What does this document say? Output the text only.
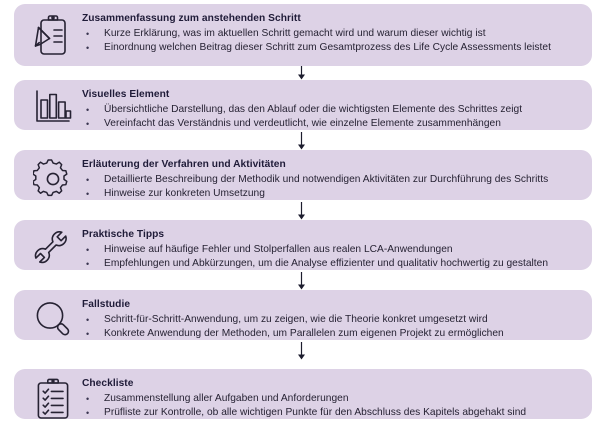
Zusammenfassung zum anstehenden Schritt
• Kurze Erklärung, was im aktuellen Schritt gemacht wird und warum dieser wichtig ist
• Einordnung welchen Beitrag dieser Schritt zum Gesamtprozess des Life Cycle Assessments leistet
Visuelles Element
• Übersichtliche Darstellung, das den Ablauf oder die wichtigsten Elemente des Schrittes zeigt
• Vereinfacht das Verständnis und verdeutlicht, wie einzelne Elemente zusammenhängen
Erläuterung der Verfahren und Aktivitäten
• Detaillierte Beschreibung der Methodik und notwendigen Aktivitäten zur Durchführung des Schritts
• Hinweise zur konkreten Umsetzung
Praktische Tipps
• Hinweise auf häufige Fehler und Stolperfallen aus realen LCA-Anwendungen
• Empfehlungen und Abkürzungen, um die Analyse effizienter und qualitativ hochwertig zu gestalten
Fallstudie
• Schritt-für-Schritt-Anwendung, um zu zeigen, wie die Theorie konkret umgesetzt wird
• Konkrete Anwendung der Methoden, um Parallelen zum eigenen Projekt zu ermöglichen
Checkliste
• Zusammenstellung aller Aufgaben und Anforderungen
• Prüfliste zur Kontrolle, ob alle wichtigen Punkte für den Abschluss des Kapitels abgehakt sind
